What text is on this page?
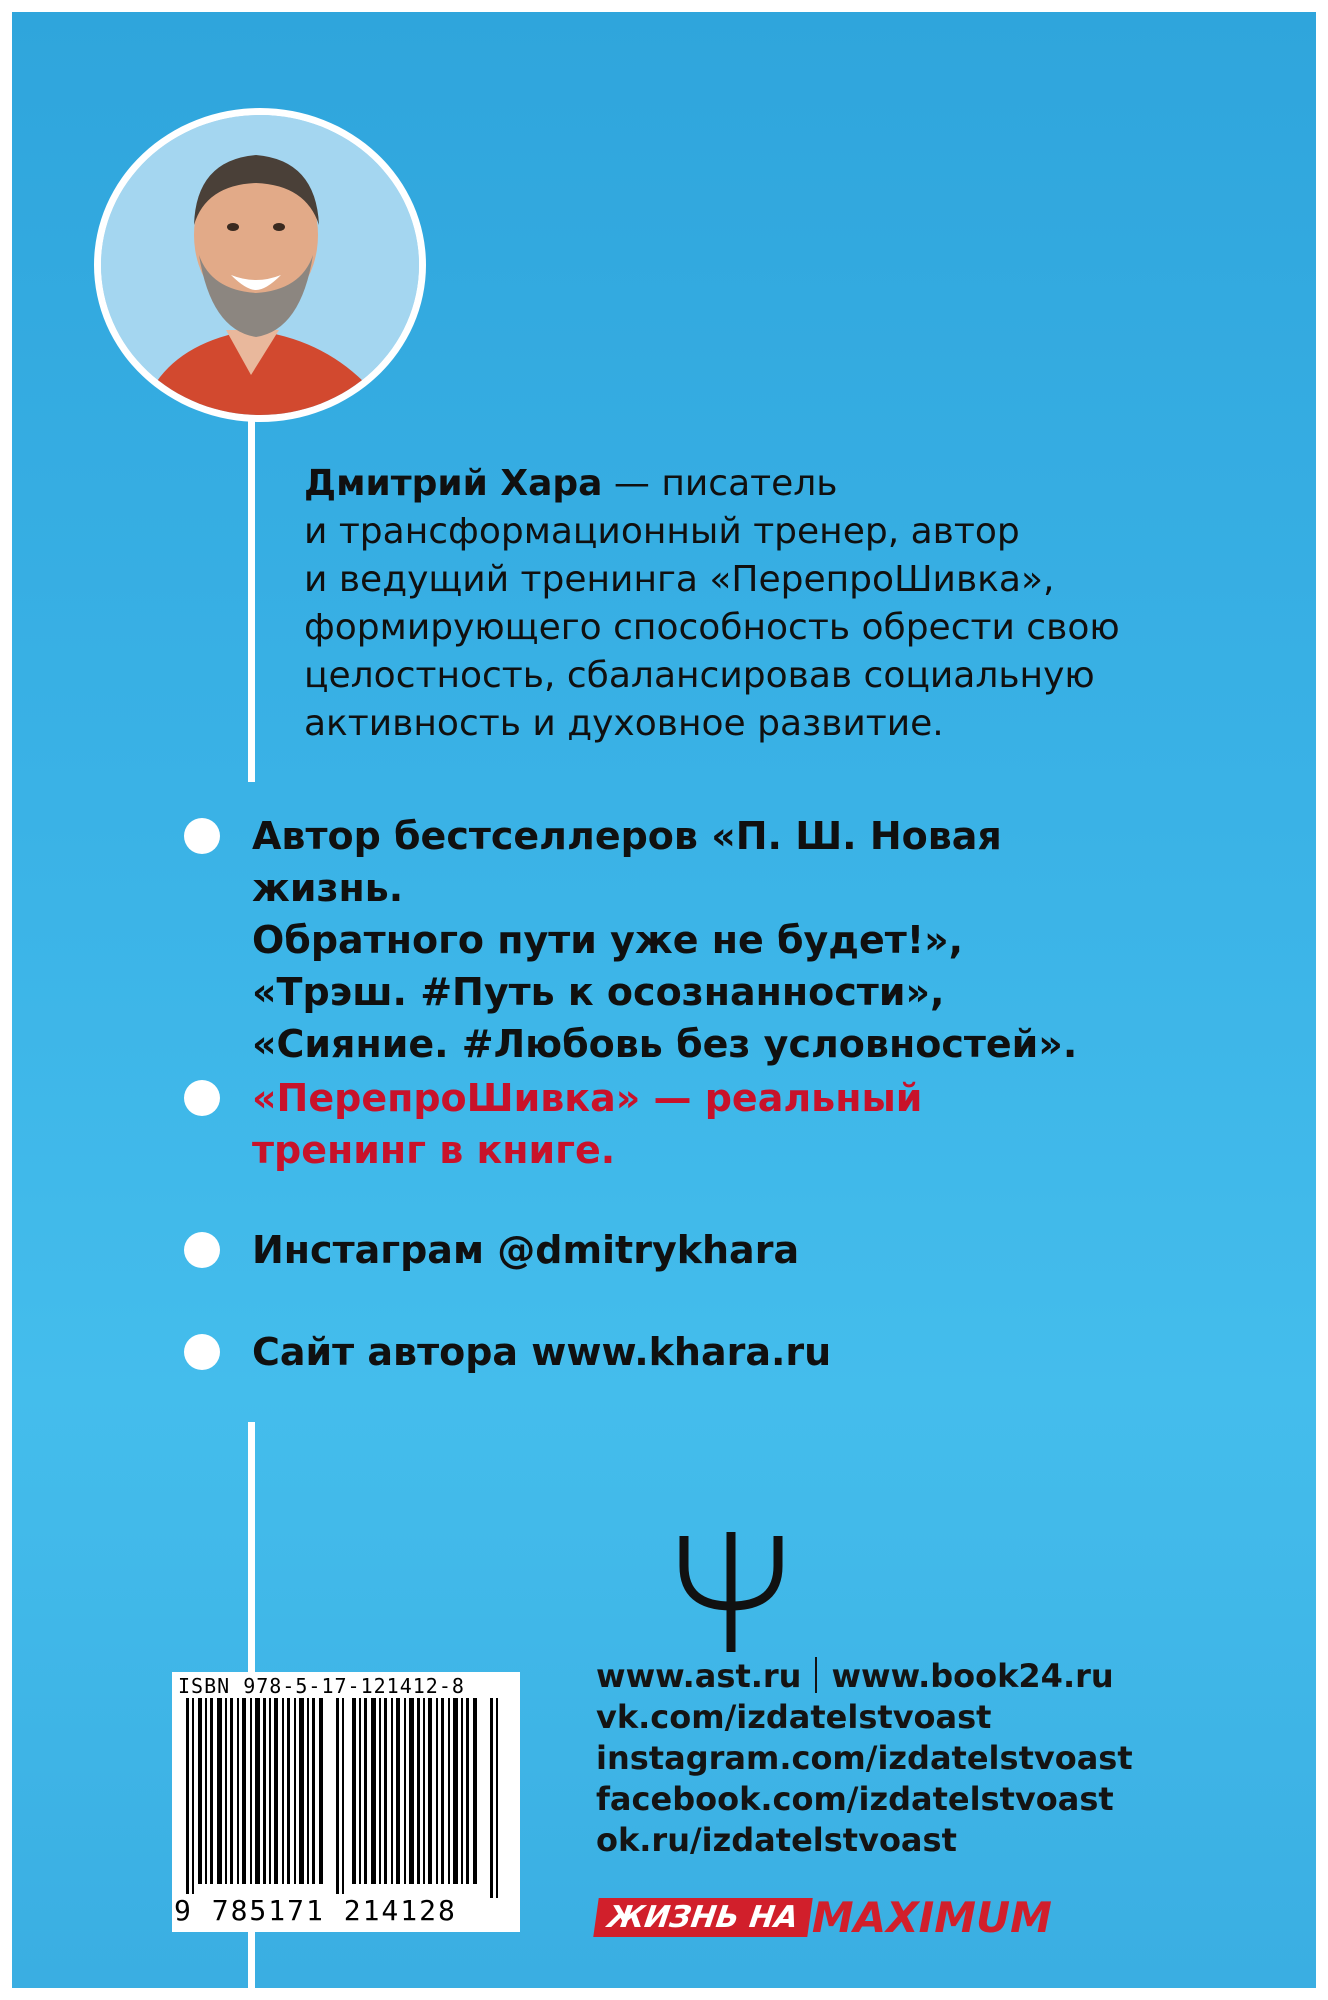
Дмитрий Хара — писатель
и трансформационный тренер, автор
и ведущий тренинга «ПерепроШивка»,
формирующего способность обрести свою
целостность, сбалансировав социальную
активность и духовное развитие.
Автор бестселлеров «П. Ш. Новая жизнь.
Обратного пути уже не будет!»,
«Трэш. #Путь к осознанности»,
«Сияние. #Любовь без условностей».
«ПерепроШивка» — реальный
тренинг в книге.
Инстаграм @dmitrykhara
Сайт автора www.khara.ru
ISBN 978-5-17-121412-8
9 785171 214128
www.ast.ru www.book24.ru
vk.com/izdatelstvoast
instagram.com/izdatelstvoast
facebook.com/izdatelstvoast
ok.ru/izdatelstvoast
ЖИЗНЬ НА MAXIMUM
